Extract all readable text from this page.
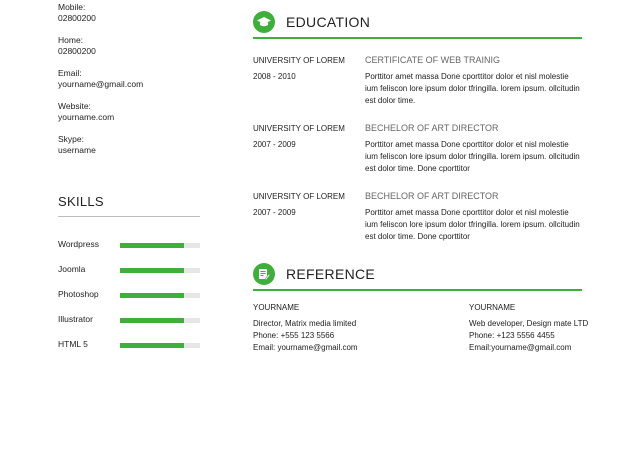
Mobile:
02800200
Home:
02800200
Email:
yourname@gmail.com
Website:
yourname.com
Skype:
username
SKILLS
Wordpress
Joomla
Photoshop
Illustrator
HTML 5
EDUCATION
UNIVERSITY OF LOREM
2008 - 2010
CERTIFICATE OF WEB TRAINIG

Porttitor amet massa Done cporttitor dolor et nisl molestie ium feliscon lore ipsum dolor tfringilla. lorem ipsum. ollcitudin est dolor time.

UNIVERSITY OF LOREM
2007 - 2009
BECHELOR OF ART DIRECTOR

Porttitor amet massa Done cporttitor dolor et nisl molestie ium feliscon lore ipsum dolor tfringilla. lorem ipsum. ollcitudin est dolor time. Done cporttitor

UNIVERSITY OF LOREM
2007 - 2009
BECHELOR OF ART DIRECTOR

Porttitor amet massa Done cporttitor dolor et nisl molestie ium feliscon lore ipsum dolor tfringilla. lorem ipsum. ollcitudin est dolor time. Done cporttitor

REFERENCE
YOURNAME
Director, Matrix media limited
Phone: +555 123 5566
Email: yourname@gmail.com
YOURNAME
Web developer, Design mate LTD
Phone: +123 5556 4455
Email:yourname@gmail.com
